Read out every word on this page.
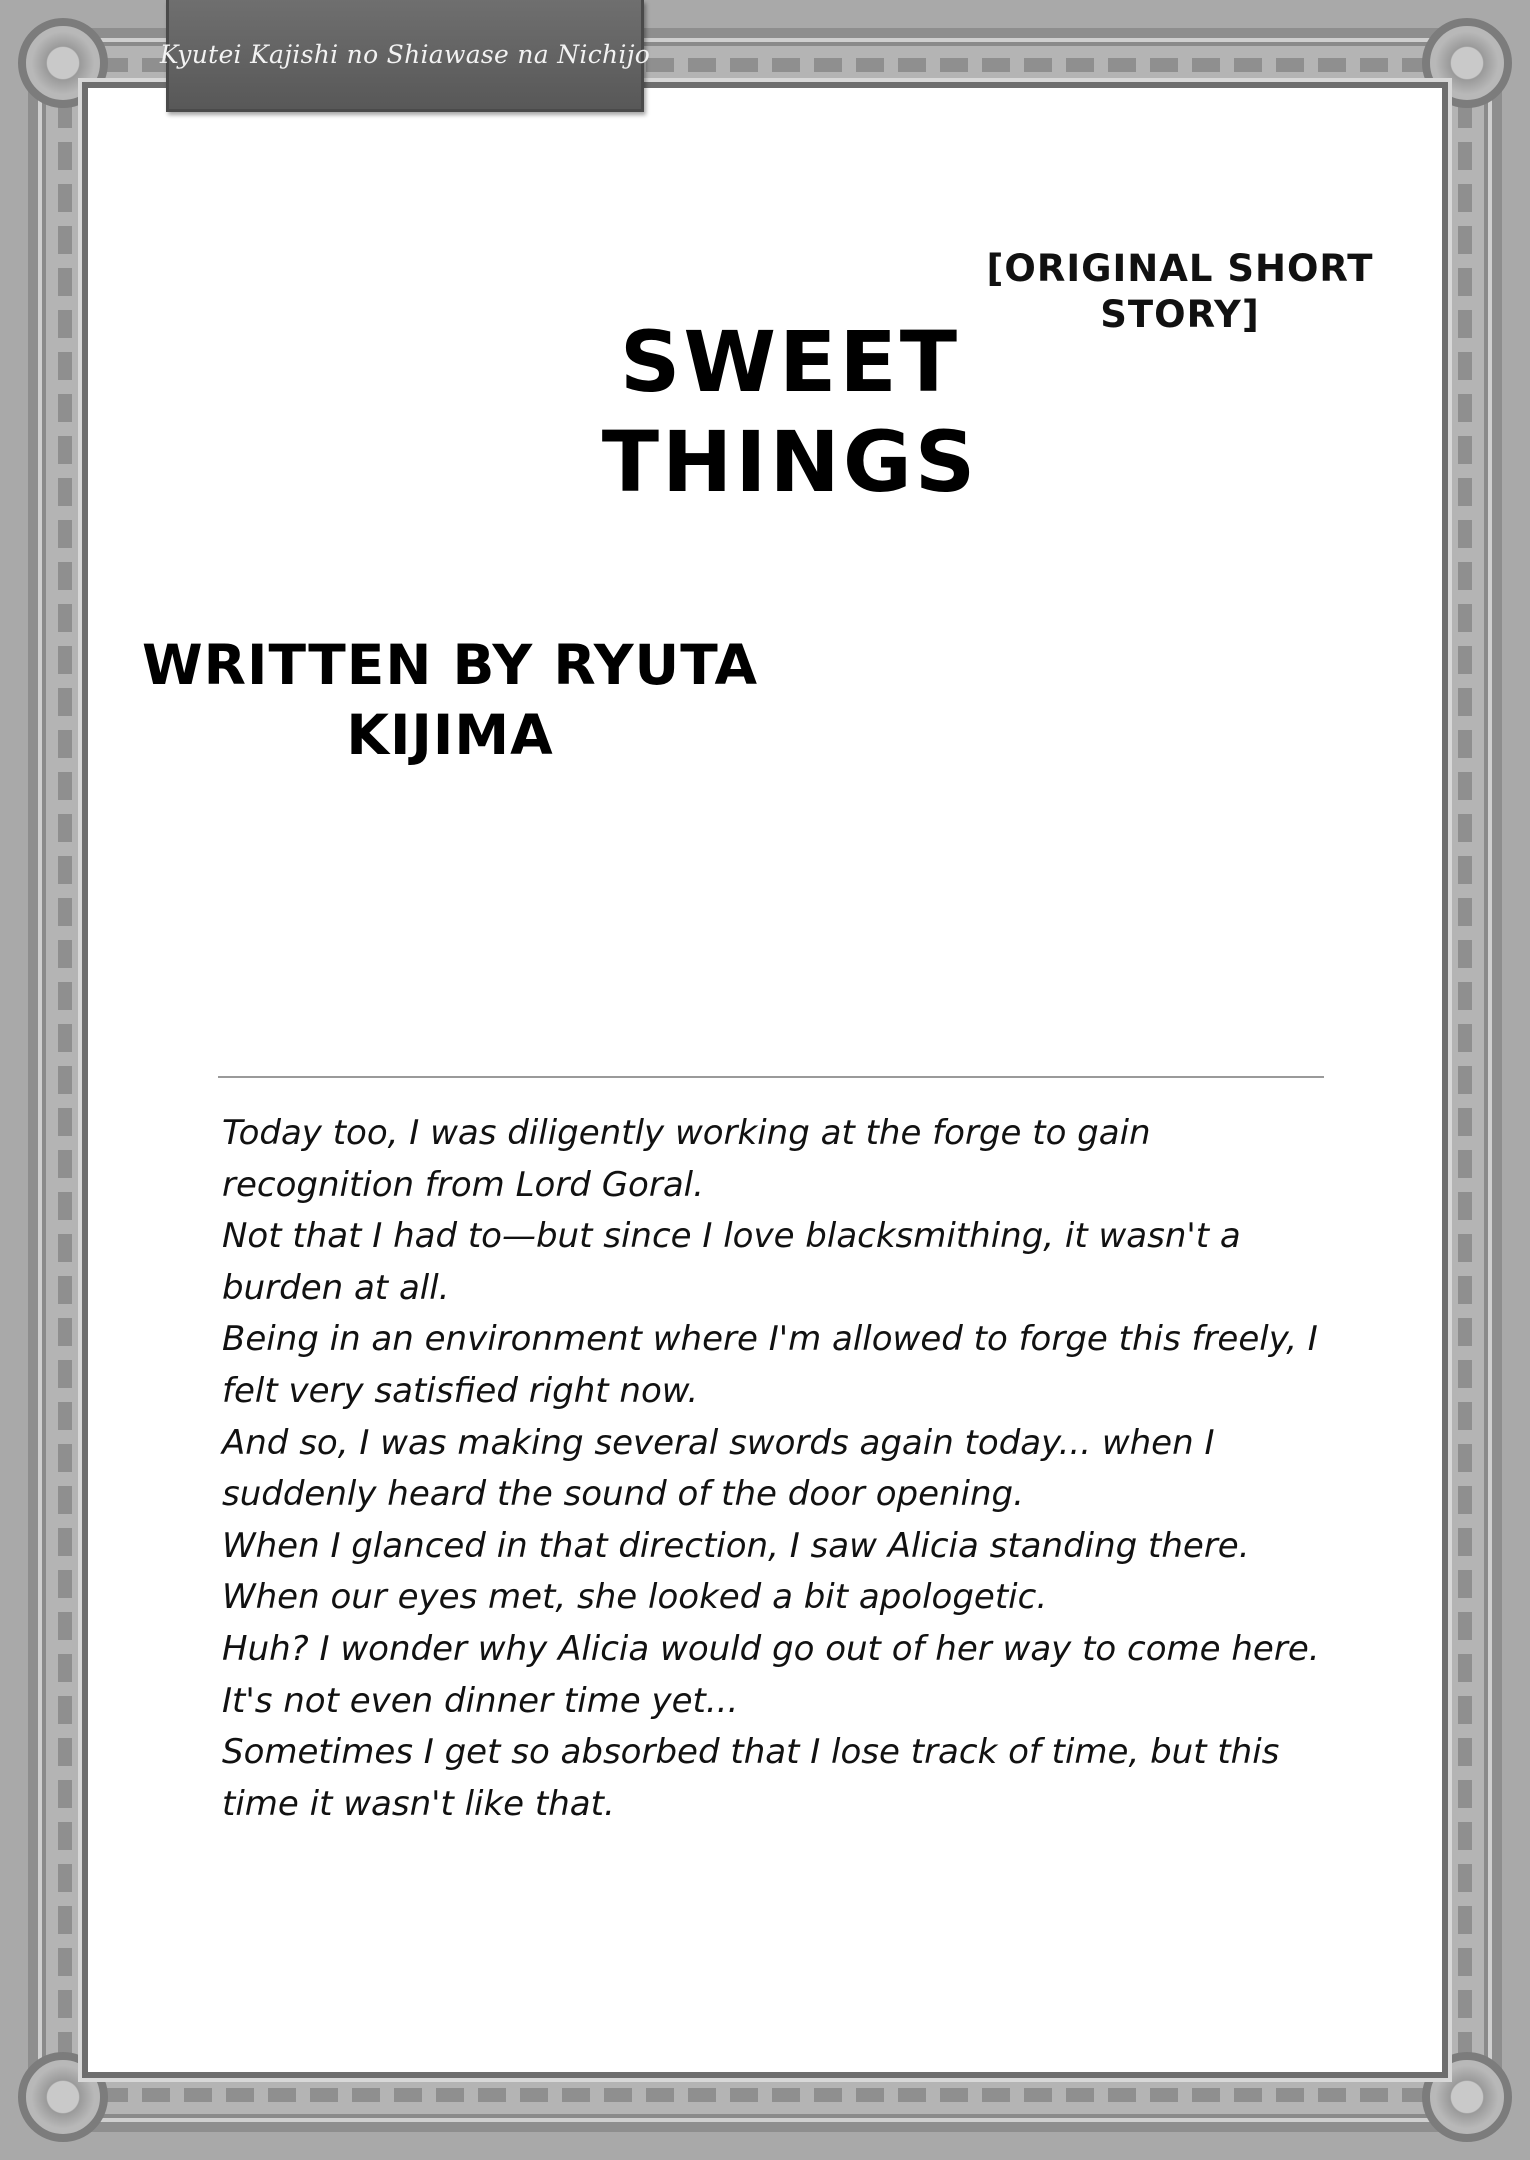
Kyutei Kajishi no Shiawase na Nichijo
[ORIGINAL SHORT STORY]
SWEET THINGS
WRITTEN BY RYUTA KIJIMA

Today too, I was diligently working at the forge to gain recognition from Lord Goral.

Not that I had to—but since I love blacksmithing, it wasn't a burden at all.

Being in an environment where I'm allowed to forge this freely, I felt very satisfied right now.

And so, I was making several swords again today... when I suddenly heard the sound of the door opening.

When I glanced in that direction, I saw Alicia standing there.

When our eyes met, she looked a bit apologetic.

Huh? I wonder why Alicia would go out of her way to come here.

It's not even dinner time yet...

Sometimes I get so absorbed that I lose track of time, but this time it wasn't like that.
